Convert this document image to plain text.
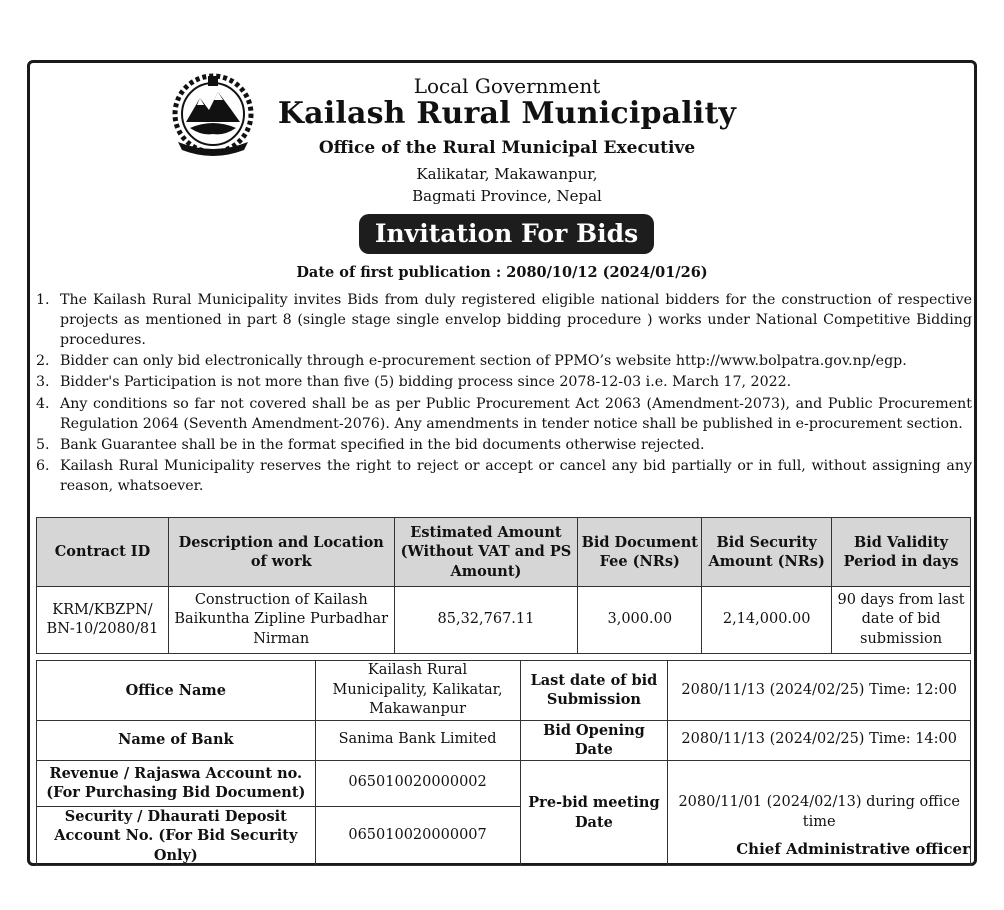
Local Government
Kailash Rural Municipality
Office of the Rural Municipal Executive
Kalikatar, Makawanpur,
Bagmati Province, Nepal
Invitation For Bids
Date of first publication : 2080/10/12 (2024/01/26)
1. The Kailash Rural Municipality invites Bids from duly registered eligible national bidders for the construction of respective projects as mentioned in part 8 (single stage single envelop bidding procedure ) works under National Competitive Bidding procedures.
2. Bidder can only bid electronically through e-procurement section of PPMO’s website http://www.bolpatra.gov.np/egp.
3. Bidder's Participation is not more than five (5) bidding process since 2078-12-03 i.e. March 17, 2022.
4. Any conditions so far not covered shall be as per Public Procurement Act 2063 (Amendment-2073), and Public Procurement Regulation 2064 (Seventh Amendment-2076). Any amendments in tender notice shall be published in e-procurement section.
5. Bank Guarantee shall be in the format specified in the bid documents otherwise rejected.
6. Kailash Rural Municipality reserves the right to reject or accept or cancel any bid partially or in full, without assigning any reason, whatsoever.
Contract ID	Description and Location of work	Estimated Amount (Without VAT and PS Amount)	Bid Document Fee (NRs)	Bid Security Amount (NRs)	Bid Validity Period in days
KRM/KBZPN/ BN-10/2080/81	Construction of Kailash Baikuntha Zipline Purbadhar Nirman	85,32,767.11	3,000.00	2,14,000.00	90 days from last date of bid submission
Office Name	Kailash Rural Municipality, Kalikatar, Makawanpur	Last date of bid Submission	2080/11/13 (2024/02/25) Time: 12:00
Name of Bank	Sanima Bank Limited	Bid Opening Date	2080/11/13 (2024/02/25) Time: 14:00
Revenue / Rajaswa Account no. (For Purchasing Bid Document)	065010020000002	Pre-bid meeting Date	2080/11/01 (2024/02/13) during office time
Security / Dhaurati Deposit Account No. (For Bid Security Only)	065010020000007		
Chief Administrative officer
